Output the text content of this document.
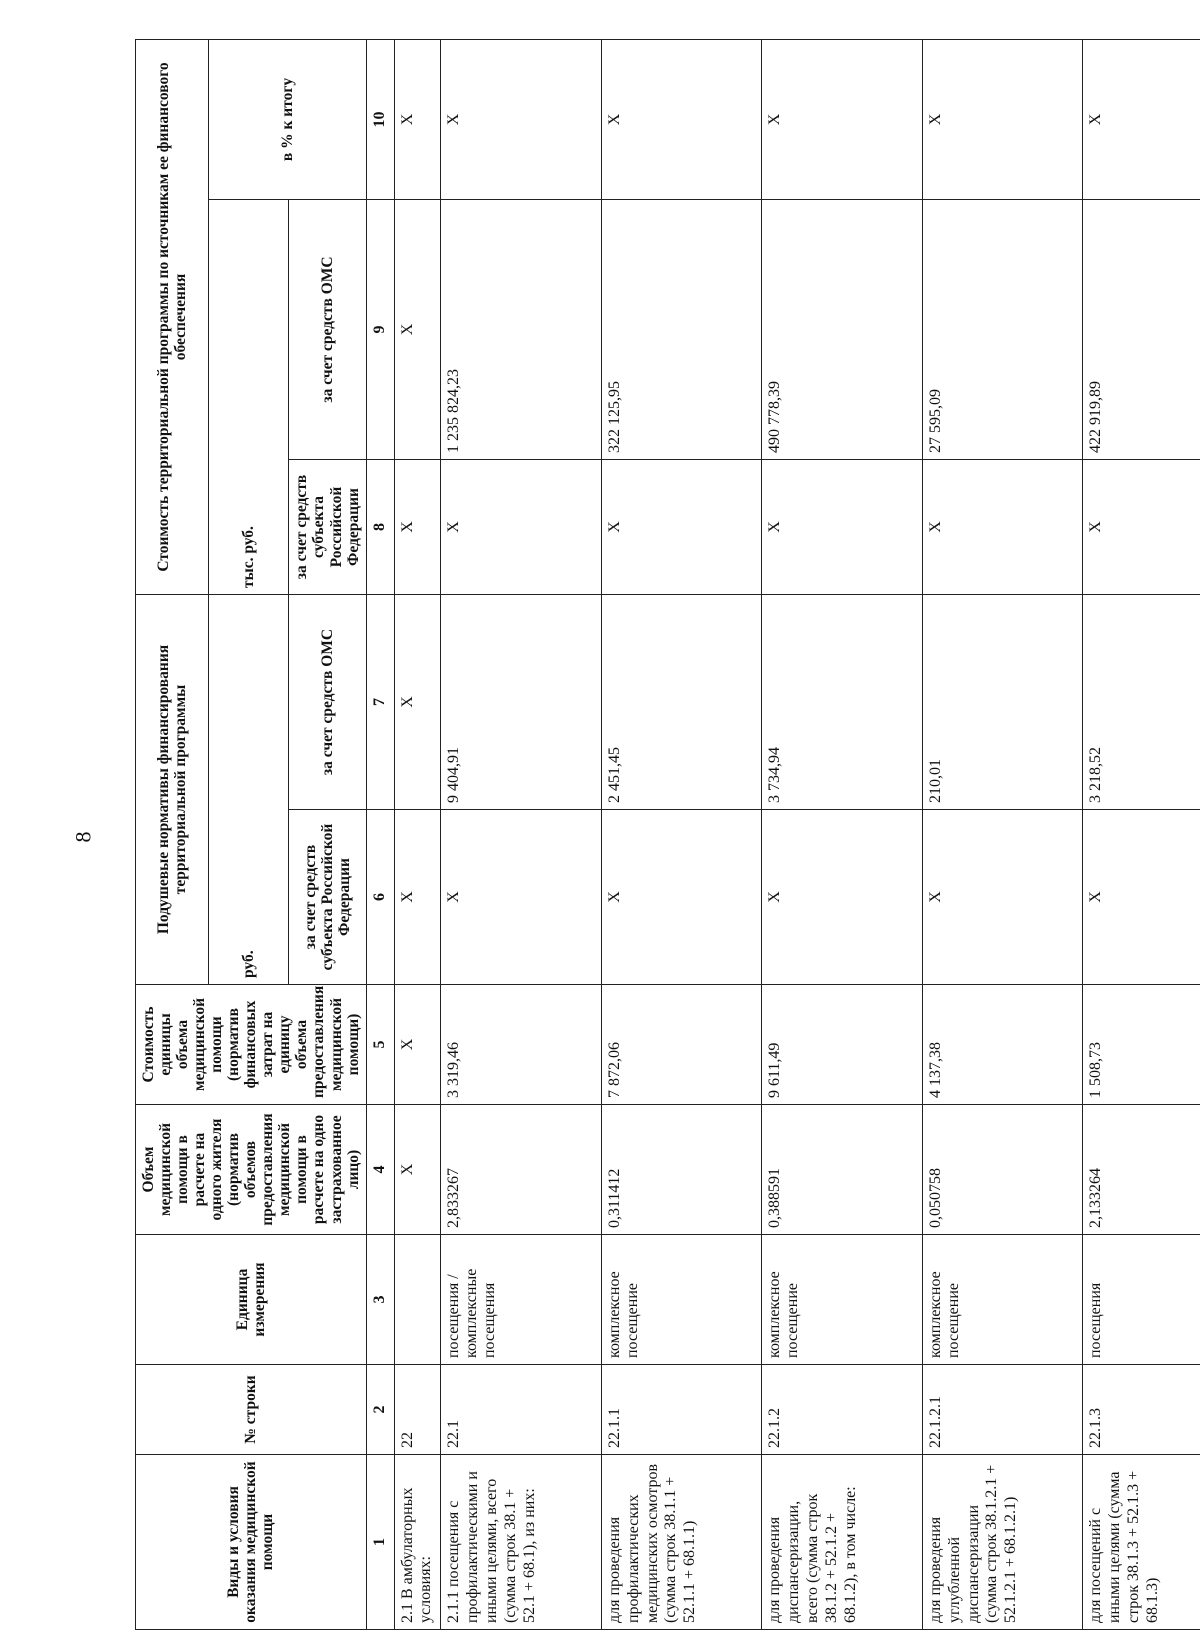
8
Виды и условия оказания медицинской помощи	№ строки	Единица измерения	Объем медицинской помощи в расчете на одного жителя (норматив объемов предоставления медицинской помощи в расчете на одно застрахованное лицо)	Стоимость единицы объема медицинской помощи (норматив финансовых затрат на единицу объема предоставления медицинской помощи)	Подушевые нормативы финансирования территориальной программы		Стоимость территориальной программы по источникам ее финансового обеспечения		
					руб.		тыс. руб.		в % к итогу
					за счет средств субъекта Российской Федерации	за счет средств ОМС	за счет средств субъекта Российской Федерации	за счет средств ОМС	
1	2	3	4	5	6	7	8	9	10
2.1 В амбулаторных условиях:	22		X	X	X	X	X	X	X
2.1.1 посещения с профилактическими и иными целями, всего (сумма строк 38.1 + 52.1 + 68.1), из них:	22.1	посещения / комплексные посещения	2,833267	3 319,46	X	9 404,91	X	1 235 824,23	X
для проведения профилактических медицинских осмотров (сумма строк 38.1.1 + 52.1.1 + 68.1.1)	22.1.1	комплексное посещение	0,311412	7 872,06	X	2 451,45	X	322 125,95	X
для проведения диспансеризации, всего (сумма строк 38.1.2 + 52.1.2 + 68.1.2), в том числе:	22.1.2	комплексное посещение	0,388591	9 611,49	X	3 734,94	X	490 778,39	X
для проведения углубленной диспансеризации (сумма строк 38.1.2.1 + 52.1.2.1 + 68.1.2.1)	22.1.2.1	комплексное посещение	0,050758	4 137,38	X	210,01	X	27 595,09	X
для посещений с иными целями (сумма строк 38.1.3 + 52.1.3 + 68.1.3)	22.1.3	посещения	2,133264	1 508,73	X	3 218,52	X	422 919,89	X
